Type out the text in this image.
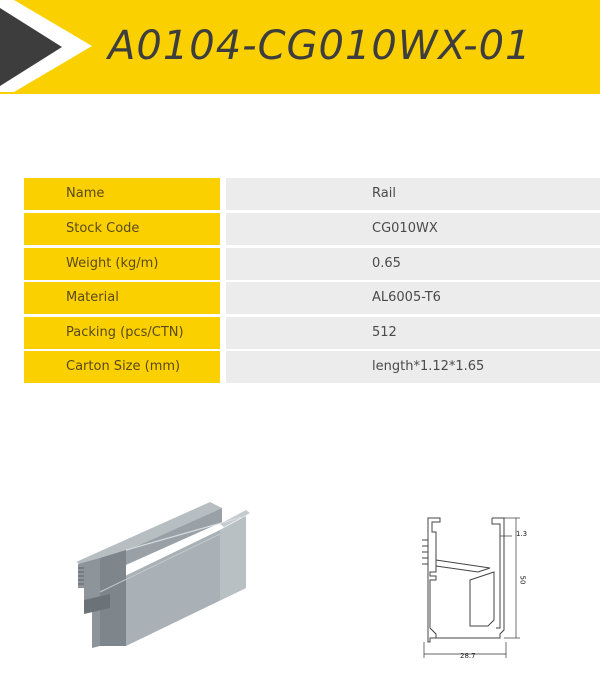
A0104-CG010WX-01
Name	Rail
Stock Code	CG010WX
Weight (kg/m)	0.65
Material	AL6005-T6
Packing (pcs/CTN)	512
Carton Size (mm)	length*1.12*1.65
1.3
50
28.7
